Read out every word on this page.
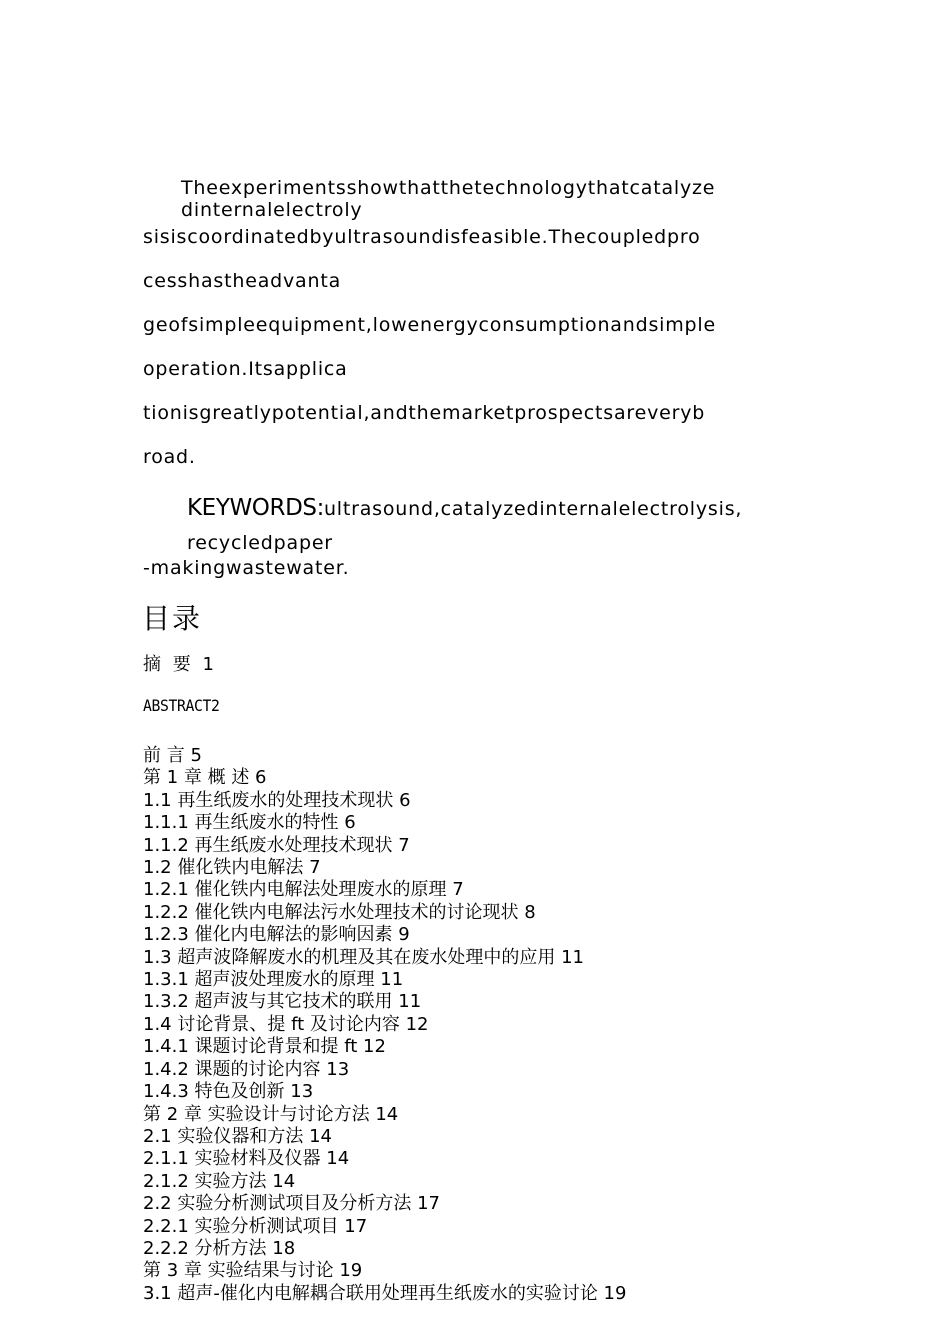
Theexperimentsshowthatthetechnologythatcatalyze
dinternalelectroly
sisiscoordinatedbyultrasoundisfeasible.Thecoupledpro
cesshastheadvanta
geofsimpleequipment,lowenergyconsumptionandsimple
operation.Itsapplica
tionisgreatlypotential,andthemarketprospectsareveryb
road.
KEYWORDS:ultrasound,catalyzedinternalelectrolysis,
recycledpaper
-makingwastewater.
目录
摘 要 1
ABSTRACT2
前 言 5
第 1 章 概 述 6
1.1 再生纸废水的处理技术现状 6
1.1.1 再生纸废水的特性 6
1.1.2 再生纸废水处理技术现状 7
1.2 催化铁内电解法 7
1.2.1 催化铁内电解法处理废水的原理 7
1.2.2 催化铁内电解法污水处理技术的讨论现状 8
1.2.3 催化内电解法的影响因素 9
1.3 超声波降解废水的机理及其在废水处理中的应用 11
1.3.1 超声波处理废水的原理 11
1.3.2 超声波与其它技术的联用 11
1.4 讨论背景、提 ft 及讨论内容 12
1.4.1 课题讨论背景和提 ft 12
1.4.2 课题的讨论内容 13
1.4.3 特色及创新 13
第 2 章 实验设计与讨论方法 14
2.1 实验仪器和方法 14
2.1.1 实验材料及仪器 14
2.1.2 实验方法 14
2.2 实验分析测试项目及分析方法 17
2.2.1 实验分析测试项目 17
2.2.2 分析方法 18
第 3 章 实验结果与讨论 19
3.1 超声-催化内电解耦合联用处理再生纸废水的实验讨论 19
